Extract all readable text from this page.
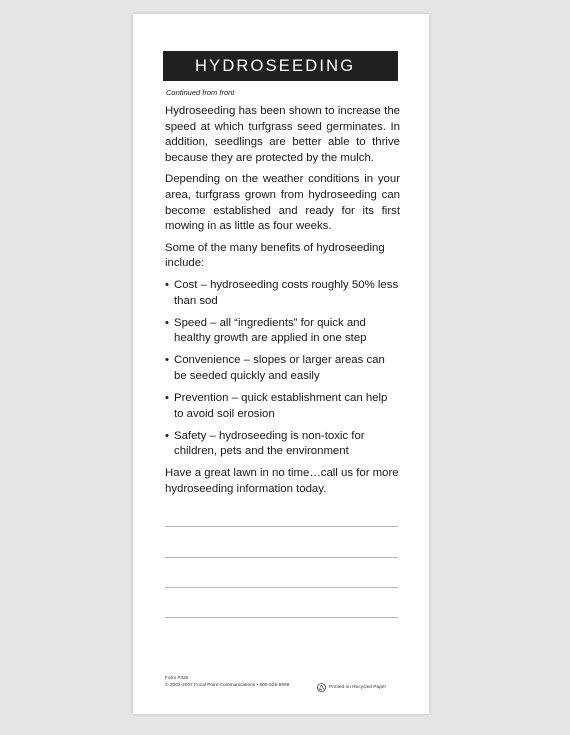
HYDROSEEDING
Continued from front

Hydroseeding has been shown to increase the speed at which turfgrass seed germinates. In addition, seedlings are better able to thrive because they are protected by the mulch.

Depending on the weather conditions in your area, turfgrass grown from hydroseeding can become established and ready for its first mowing in as little as four weeks.

Some of the many benefits of hydroseeding include:

• Cost – hydroseeding costs roughly 50% less than sod
• Speed – all “ingredients” for quick and healthy growth are applied in one step
• Convenience – slopes or larger areas can be seeded quickly and easily
• Prevention – quick establishment can help to avoid soil erosion
• Safety – hydroseeding is non-toxic for children, pets and the environment

Have a great lawn in no time…call us for more hydroseeding information today.

Form #326
© 2002-2007 Focal Point Communications • 800-525-6999	Printed on Recycled Paper
